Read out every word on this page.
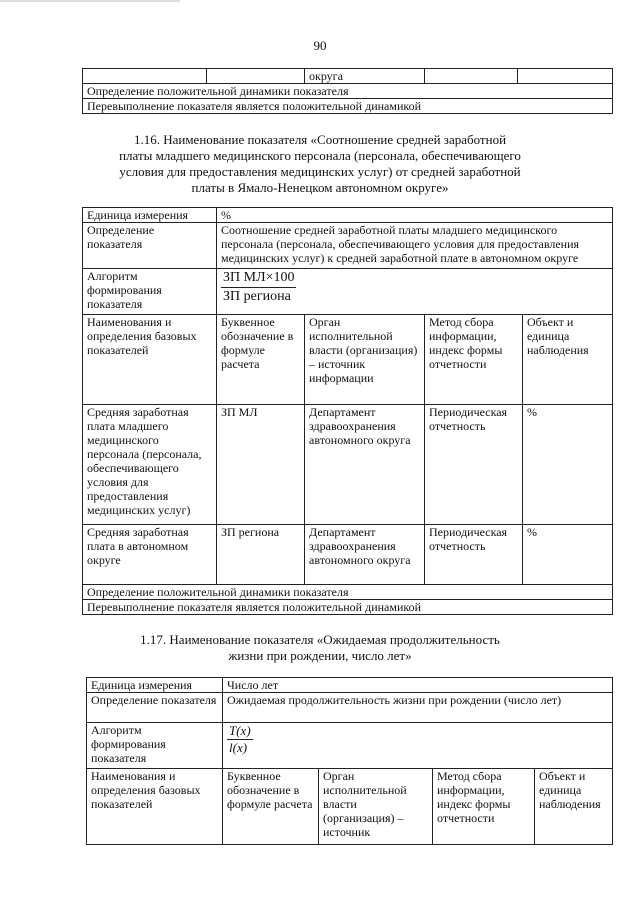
90
		округа		
Определение положительной динамики показателя
Перевыполнение показателя является положительной динамикой
1.16. Наименование показателя «Соотношение средней заработной
платы младшего медицинского персонала (персонала, обеспечивающего
условия для предоставления медицинских услуг) от средней заработной
платы в Ямало-Ненецком автономном округе»
Единица измерения	%			
Определение показателя	Соотношение средней заработной платы младшего медицинского персонала (персонала, обеспечивающего условия для предоставления медицинских услуг) к средней заработной плате в автономном округе			
Алгоритм формирования показателя	$\frac{\text{ЗП МЛ×100}}{\text{ЗП региона}}$

Наименования и определения базовых показателей	Буквенное обозначение в формуле расчета	Орган исполнительной власти (организация) – источник информации	Метод сбора информации, индекс формы отчетности	Объект и единица наблюдения
Средняя заработная плата младшего медицинского персонала (персонала, обеспечивающего условия для предоставления медицинских услуг)	ЗП МЛ	Департамент здравоохранения автономного округа	Периодическая отчетность	%
Средняя заработная плата в автономном округе	ЗП региона	Департамент здравоохранения автономного округа	Периодическая отчетность	%
Определение положительной динамики показателя				
Перевыполнение показателя является положительной динамикой				
1.17. Наименование показателя «Ожидаемая продолжительность
жизни при рождении, число лет»
Единица измерения	Число лет			
Определение показателя	Ожидаемая продолжительность жизни при рождении (число лет)			
Алгоритм формирования показателя	$\frac{T(x)}{l(x)}$

Наименования и определения базовых показателей	Буквенное обозначение в формуле расчета	Орган исполнительной власти (организация) – источник	Метод сбора информации, индекс формы отчетности	Объект и единица наблюдения
